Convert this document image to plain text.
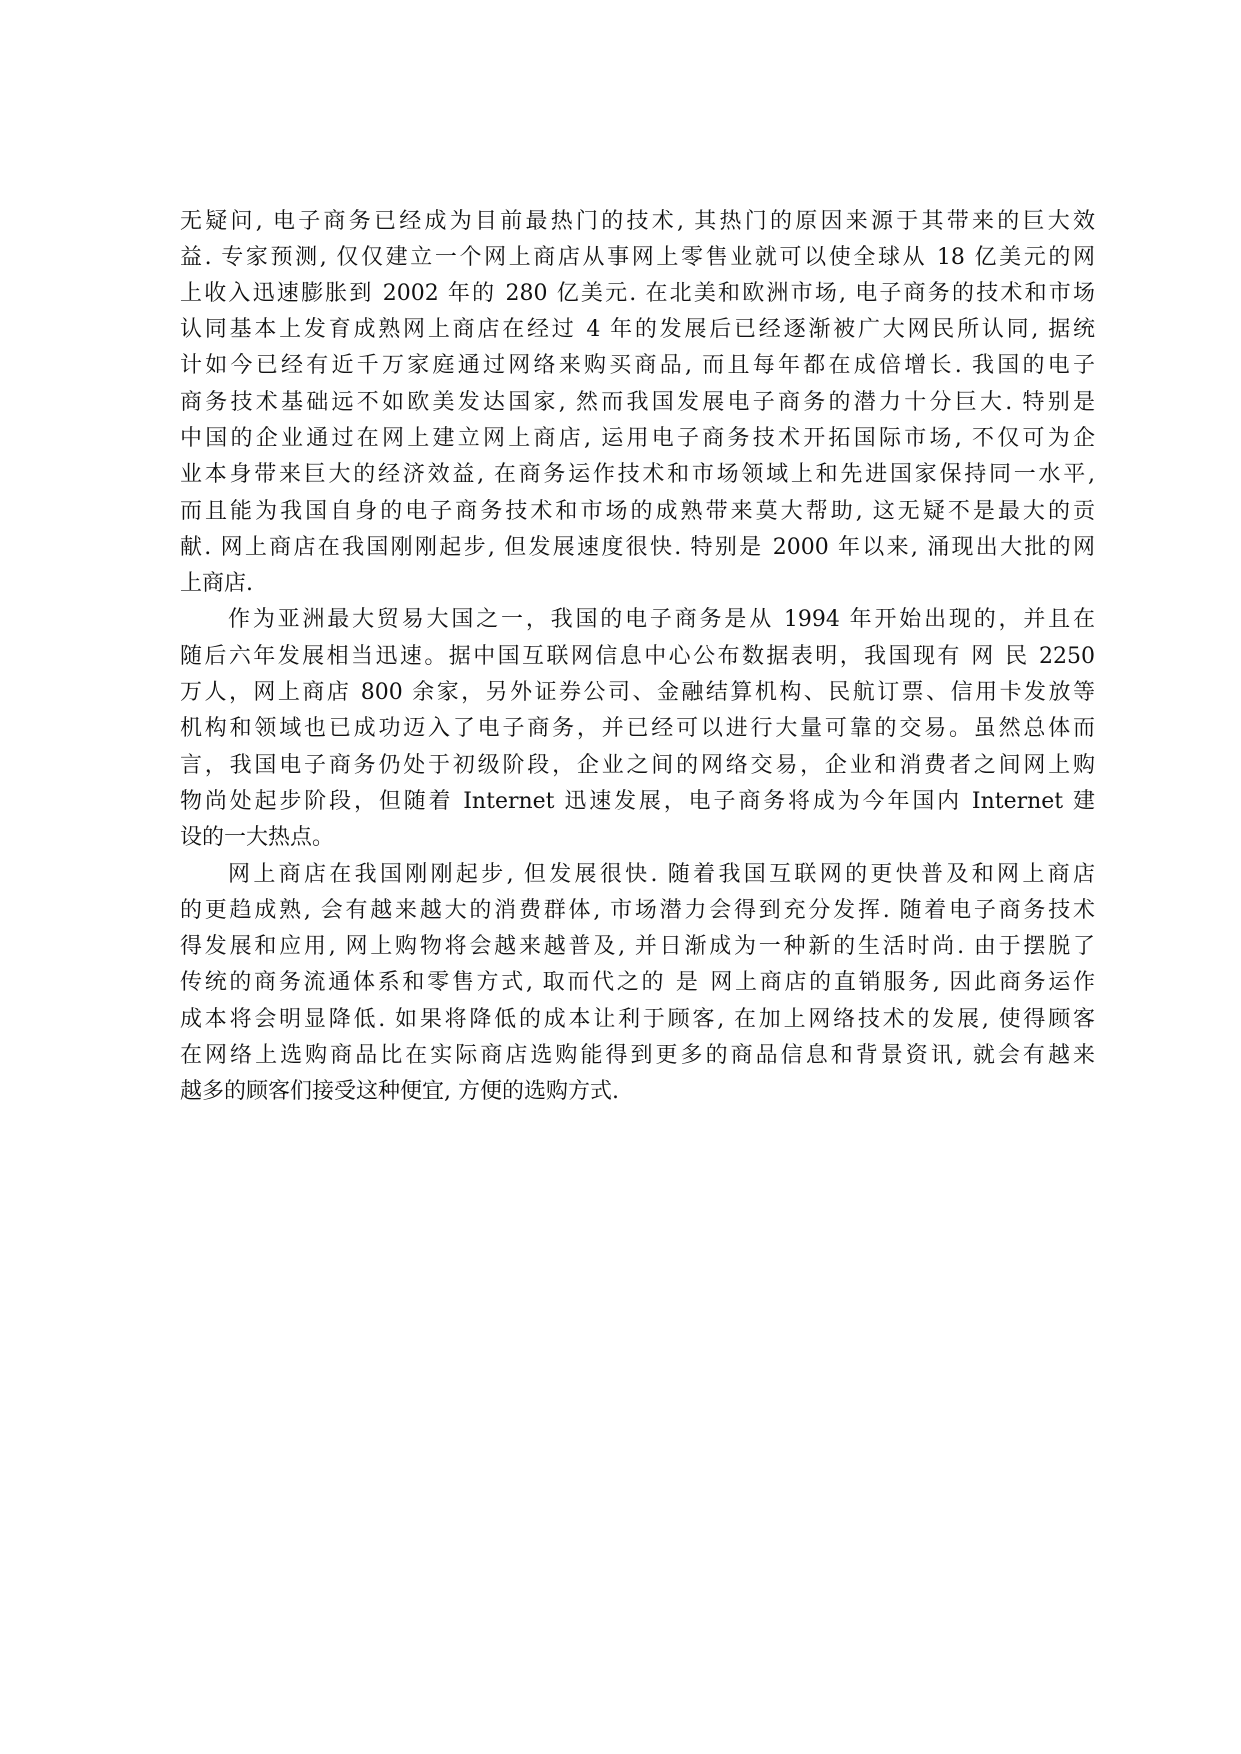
无疑问, 电子商务已经成为目前最热门的技术, 其热门的原因来源于其带来的巨大效
益. 专家预测, 仅仅建立一个网上商店从事网上零售业就可以使全球从 18 亿美元的网
上收入迅速膨胀到 2002 年的 280 亿美元. 在北美和欧洲市场, 电子商务的技术和市场
认同基本上发育成熟网上商店在经过 4 年的发展后已经逐渐被广大网民所认同, 据统
计如今已经有近千万家庭通过网络来购买商品, 而且每年都在成倍增长. 我国的电子
商务技术基础远不如欧美发达国家, 然而我国发展电子商务的潜力十分巨大. 特别是
中国的企业通过在网上建立网上商店, 运用电子商务技术开拓国际市场, 不仅可为企
业本身带来巨大的经济效益, 在商务运作技术和市场领域上和先进国家保持同一水平,
而且能为我国自身的电子商务技术和市场的成熟带来莫大帮助, 这无疑不是最大的贡
献. 网上商店在我国刚刚起步, 但发展速度很快. 特别是 2000 年以来, 涌现出大批的网
上商店.
作为亚洲最大贸易大国之一，我国的电子商务是从 1994 年开始出现的，并且在
随后六年发展相当迅速。据中国互联网信息中心公布数据表明，我国现有 网 民 2250
万人，网上商店 800 余家，另外证券公司、金融结算机构、民航订票、信用卡发放等
机构和领域也已成功迈入了电子商务，并已经可以进行大量可靠的交易。虽然总体而
言，我国电子商务仍处于初级阶段，企业之间的网络交易，企业和消费者之间网上购
物尚处起步阶段，但随着 Internet 迅速发展，电子商务将成为今年国内 Internet 建
设的一大热点。
网上商店在我国刚刚起步, 但发展很快. 随着我国互联网的更快普及和网上商店
的更趋成熟, 会有越来越大的消费群体, 市场潜力会得到充分发挥. 随着电子商务技术
得发展和应用, 网上购物将会越来越普及, 并日渐成为一种新的生活时尚. 由于摆脱了
传统的商务流通体系和零售方式, 取而代之的 是 网上商店的直销服务, 因此商务运作
成本将会明显降低. 如果将降低的成本让利于顾客, 在加上网络技术的发展, 使得顾客
在网络上选购商品比在实际商店选购能得到更多的商品信息和背景资讯, 就会有越来
越多的顾客们接受这种便宜, 方便的选购方式.
